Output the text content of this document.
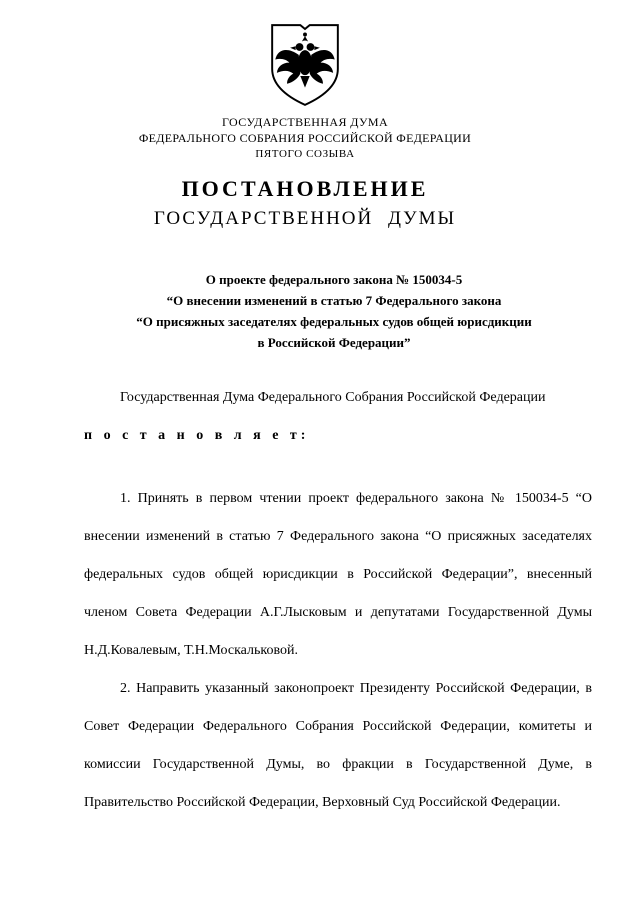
ГОСУДАРСТВЕННАЯ ДУМА
ФЕДЕРАЛЬНОГО СОБРАНИЯ РОССИЙСКОЙ ФЕДЕРАЦИИ
ПЯТОГО СОЗЫВА
ПОСТАНОВЛЕНИЕ
ГОСУДАРСТВЕННОЙ ДУМЫ
О проекте федерального закона № 150034-5
“О внесении изменений в статью 7 Федерального закона
“О присяжных заседателях федеральных судов общей юрисдикции
в Российской Федерации”

Государственная Дума Федерального Собрания Российской Федерации

п о с т а н о в л я е т:

1. Принять в первом чтении проект федерального закона № 150034-5 “О внесении изменений в статью 7 Федерального закона “О присяжных заседателях федеральных судов общей юрисдикции в Российской Федерации”, внесенный членом Совета Федерации А.Г.Лысковым и депутатами Государственной Думы Н.Д.Ковалевым, Т.Н.Москальковой.

2. Направить указанный законопроект Президенту Российской Федерации, в Совет Федерации Федерального Собрания Российской Федерации, комитеты и комиссии Государственной Думы, во фракции в Государственной Думе, в Правительство Российской Федерации, Верховный Суд Российской Федерации.
